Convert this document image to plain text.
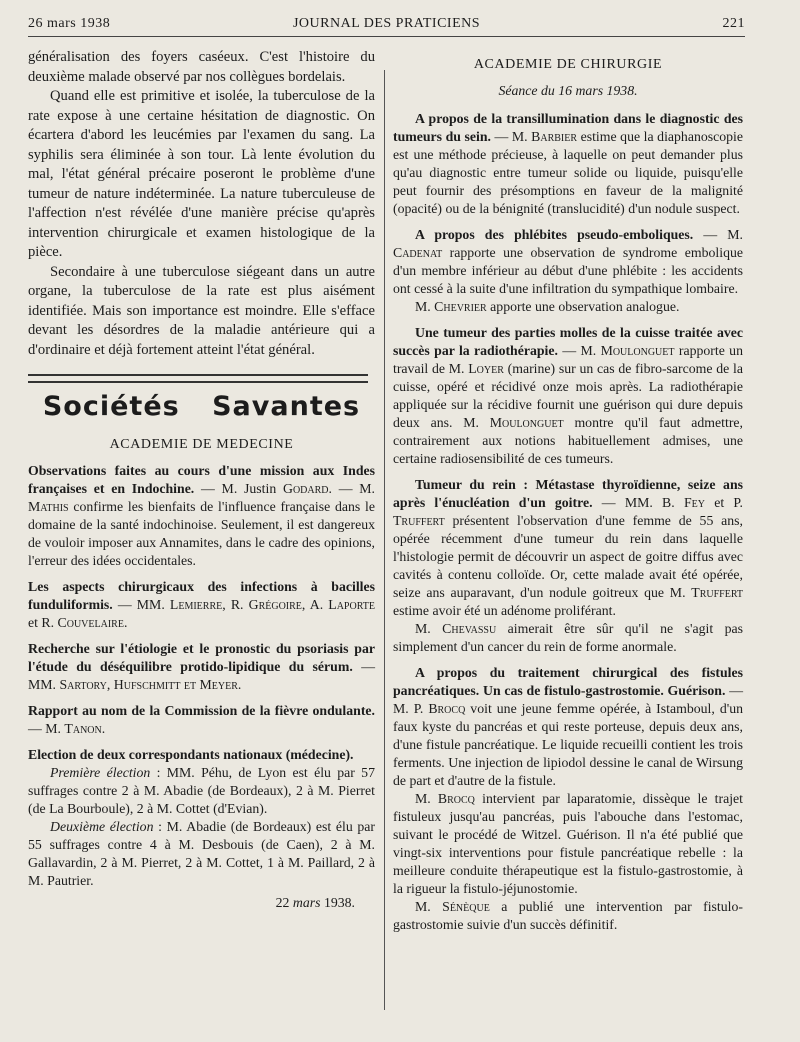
26 mars 1938	JOURNAL DES PRATICIENS	221

généralisation des foyers caséeux. C'est l'histoire du deuxième malade observé par nos collègues bordelais.

Quand elle est primitive et isolée, la tuberculose de la rate expose à une certaine hésitation de diagnostic. On écartera d'abord les leucémies par l'examen du sang. La syphilis sera éliminée à son tour. Là lente évolution du mal, l'état général précaire poseront le problème d'une tumeur de nature indéterminée. La nature tuberculeuse de l'affection n'est révélée d'une manière précise qu'après intervention chirurgicale et examen histologique de la pièce.

Secondaire à une tuberculose siégeant dans un autre organe, la tuberculose de la rate est plus aisément identifiée. Mais son importance est moindre. Elle s'efface devant les désordres de la maladie antérieure qui a d'ordinaire et déjà fortement atteint l'état général.

Sociétés Savantes

ACADEMIE DE MEDECINE

Observations faites au cours d'une mission aux Indes françaises et en Indochine. — M. Justin Godard. — M. Mathis confirme les bienfaits de l'influence française dans le domaine de la santé indochinoise. Seulement, il est dangereux de vouloir imposer aux Annamites, dans le cadre des opinions, l'erreur des idées occidentales.

Les aspects chirurgicaux des infections à bacilles funduliformis. — MM. Lemierre, R. Grégoire, A. Laporte et R. Couvelaire.

Recherche sur l'étiologie et le pronostic du psoriasis par l'étude du déséquilibre protido-lipidique du sérum. — MM. Sartory, Hufschmitt et Meyer.

Rapport au nom de la Commission de la fièvre ondulante. — M. Tanon.

Election de deux correspondants nationaux (médecine).

Première élection : MM. Péhu, de Lyon est élu par 57 suffrages contre 2 à M. Abadie (de Bordeaux), 2 à M. Pierret (de La Bourboule), 2 à M. Cottet (d'Evian).

Deuxième élection : M. Abadie (de Bordeaux) est élu par 55 suffrages contre 4 à M. Desbouis (de Caen), 2 à M. Gallavardin, 2 à M. Pierret, 2 à M. Cottet, 1 à M. Paillard, 2 à M. Pautrier.

22 mars 1938.

ACADEMIE DE CHIRURGIE

Séance du 16 mars 1938.

A propos de la transillumination dans le diagnostic des tumeurs du sein. — M. Barbier estime que la diaphanoscopie est une méthode précieuse, à laquelle on peut demander plus qu'au diagnostic entre tumeur solide ou liquide, puisqu'elle peut fournir des présomptions en faveur de la malignité (opacité) ou de la bénignité (translucidité) d'un nodule suspect.

A propos des phlébites pseudo-emboliques. — M. Cadenat rapporte une observation de syndrome embolique d'un membre inférieur au début d'une phlébite : les accidents ont cessé à la suite d'une infiltration du sympathique lombaire.

M. Chevrier apporte une observation analogue.

Une tumeur des parties molles de la cuisse traitée avec succès par la radiothérapie. — M. Moulonguet rapporte un travail de M. Loyer (marine) sur un cas de fibro-sarcome de la cuisse, opéré et récidivé onze mois après. La radiothérapie appliquée sur la récidive fournit une guérison qui dure depuis deux ans. M. Moulonguet montre qu'il faut admettre, contrairement aux notions habituellement admises, une certaine radiosensibilité de ces tumeurs.

Tumeur du rein : Métastase thyroïdienne, seize ans après l'énucléation d'un goitre. — MM. B. Fey et P. Truffert présentent l'observation d'une femme de 55 ans, opérée récemment d'une tumeur du rein dans laquelle l'histologie permit de découvrir un aspect de goitre diffus avec cavités à contenu colloïde. Or, cette malade avait été opérée, seize ans auparavant, d'un nodule goitreux que M. Truffert estime avoir été un adénome proliférant.

M. Chevassu aimerait être sûr qu'il ne s'agit pas simplement d'un cancer du rein de forme anormale.

A propos du traitement chirurgical des fistules pancréatiques. Un cas de fistulo-gastrostomie. Guérison. — M. P. Brocq voit une jeune femme opérée, à Istamboul, d'un faux kyste du pancréas et qui reste porteuse, depuis deux ans, d'une fistule pancréatique. Le liquide recueilli contient les trois ferments. Une injection de lipiodol dessine le canal de Wirsung de part et d'autre de la fistule.

M. Brocq intervient par laparatomie, dissèque le trajet fistuleux jusqu'au pancréas, puis l'abouche dans l'estomac, suivant le procédé de Witzel. Guérison. Il n'a été publié que vingt-six interventions pour fistule pancréatique rebelle : la meilleure conduite thérapeutique est la fistulo-gastrostomie, à la rigueur la fistulo-jéjunostomie.

M. Sénèque a publié une intervention par fistulo-gastrostomie suivie d'un succès définitif.
